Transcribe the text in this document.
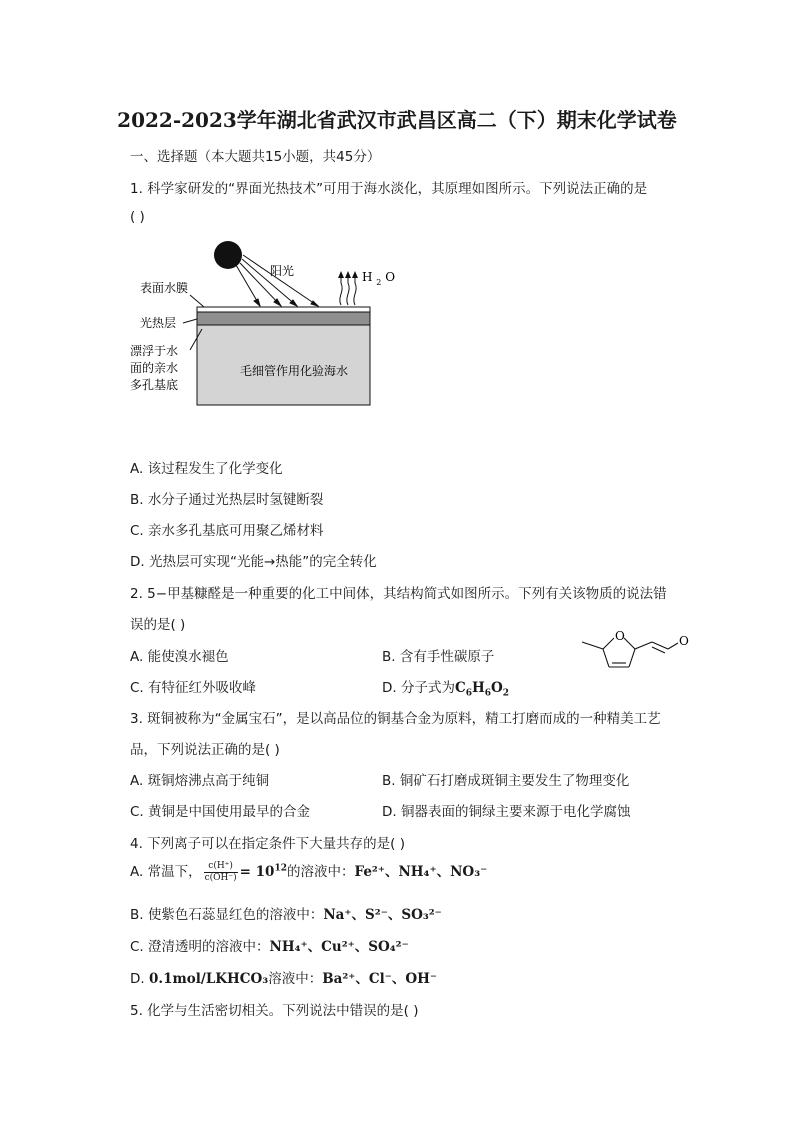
2022-2023学年湖北省武汉市武昌区高二（下）期末化学试卷
一、选择题（本大题共15小题，共45分）
1. 科学家研发的“界面光热技术”可用于海水淡化，其原理如图所示。下列说法正确的是
( )
阳光	H $_2$ O
毛细管作用化验海水
表面水膜
光热层
漂浮于水
面的亲水
多孔基底
A. 该过程发生了化学变化
B. 水分子通过光热层时氢键断裂
C. 亲水多孔基底可用聚乙烯材料
D. 光热层可实现“光能→热能”的完全转化
2. 5−甲基糠醛是一种重要的化工中间体，其结构简式如图所示。下列有关该物质的说法错
误的是( )
O	O
A. 能使溴水褪色	B. 含有手性碳原子
C. 有特征红外吸收峰	D. 分子式为$C_6H_6O_2$
3. 斑铜被称为“金属宝石”，是以高品位的铜基合金为原料，精工打磨而成的一种精美工艺
品，下列说法正确的是( )
A. 斑铜熔沸点高于纯铜	B. 铜矿石打磨成斑铜主要发生了物理变化
C. 黄铜是中国使用最早的合金	D. 铜器表面的铜绿主要来源于电化学腐蚀
4. 下列离子可以在指定条件下大量共存的是( )
A. 常温下， $\frac{c(H^+)}{c(OH^-)} = 10^{12}$的溶液中：Fe²⁺、NH₄⁺、NO₃⁻
B. 使紫色石蕊显红色的溶液中：Na⁺、S²⁻、SO₃²⁻
C. 澄清透明的溶液中：NH₄⁺、Cu²⁺、SO₄²⁻
D. 0.1mol/LKHCO₃溶液中：Ba²⁺、Cl⁻、OH⁻
5. 化学与生活密切相关。下列说法中错误的是( )
